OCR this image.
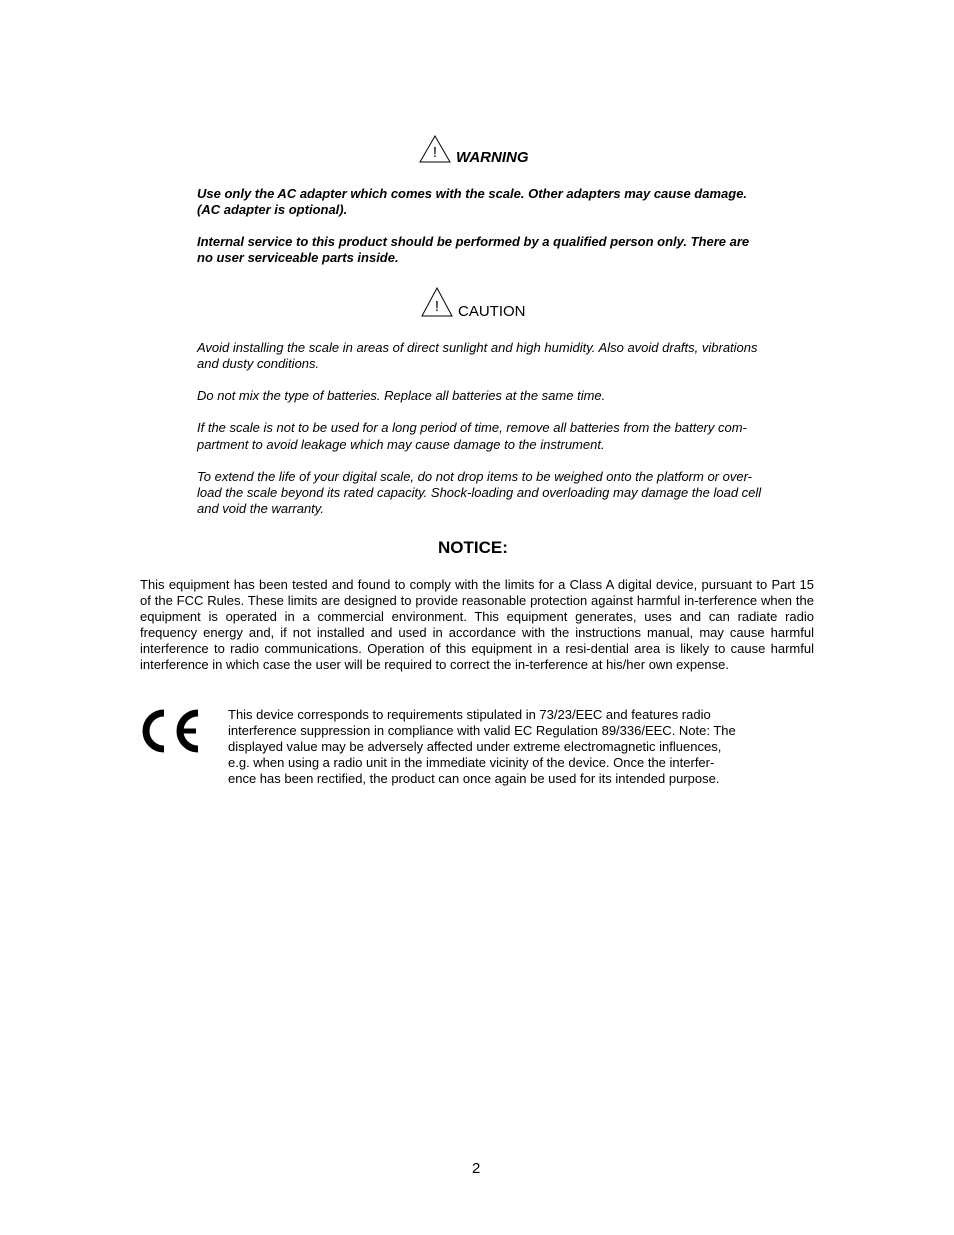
! WARNING
Use only the AC adapter which comes with the scale. Other adapters may cause damage.
(AC adapter is optional).
Internal service to this product should be performed by a qualified person only. There are
no user serviceable parts inside.
! CAUTION
Avoid installing the scale in areas of direct sunlight and high humidity. Also avoid drafts, vibrations
and dusty conditions.
Do not mix the type of batteries. Replace all batteries at the same time.
If the scale is not to be used for a long period of time, remove all batteries from the battery com-
partment to avoid leakage which may cause damage to the instrument.
To extend the life of your digital scale, do not drop items to be weighed onto the platform or over-
load the scale beyond its rated capacity. Shock-loading and overloading may damage the load cell
and void the warranty.
NOTICE:
This equipment has been tested and found to comply with the limits for a Class A digital device, pursuant to Part 15 of the FCC Rules. These limits are designed to provide reasonable protection against harmful in-terference when the equipment is operated in a commercial environment. This equipment generates, uses and can radiate radio frequency energy and, if not installed and used in accordance with the instructions manual, may cause harmful interference to radio communications. Operation of this equipment in a resi-dential area is likely to cause harmful interference in which case the user will be required to correct the in-terference at his/her own expense.
This device corresponds to requirements stipulated in 73/23/EEC and features radio
interference suppression in compliance with valid EC Regulation 89/336/EEC. Note: The
displayed value may be adversely affected under extreme electromagnetic influences,
e.g. when using a radio unit in the immediate vicinity of the device. Once the interfer-
ence has been rectified, the product can once again be used for its intended purpose.
2
